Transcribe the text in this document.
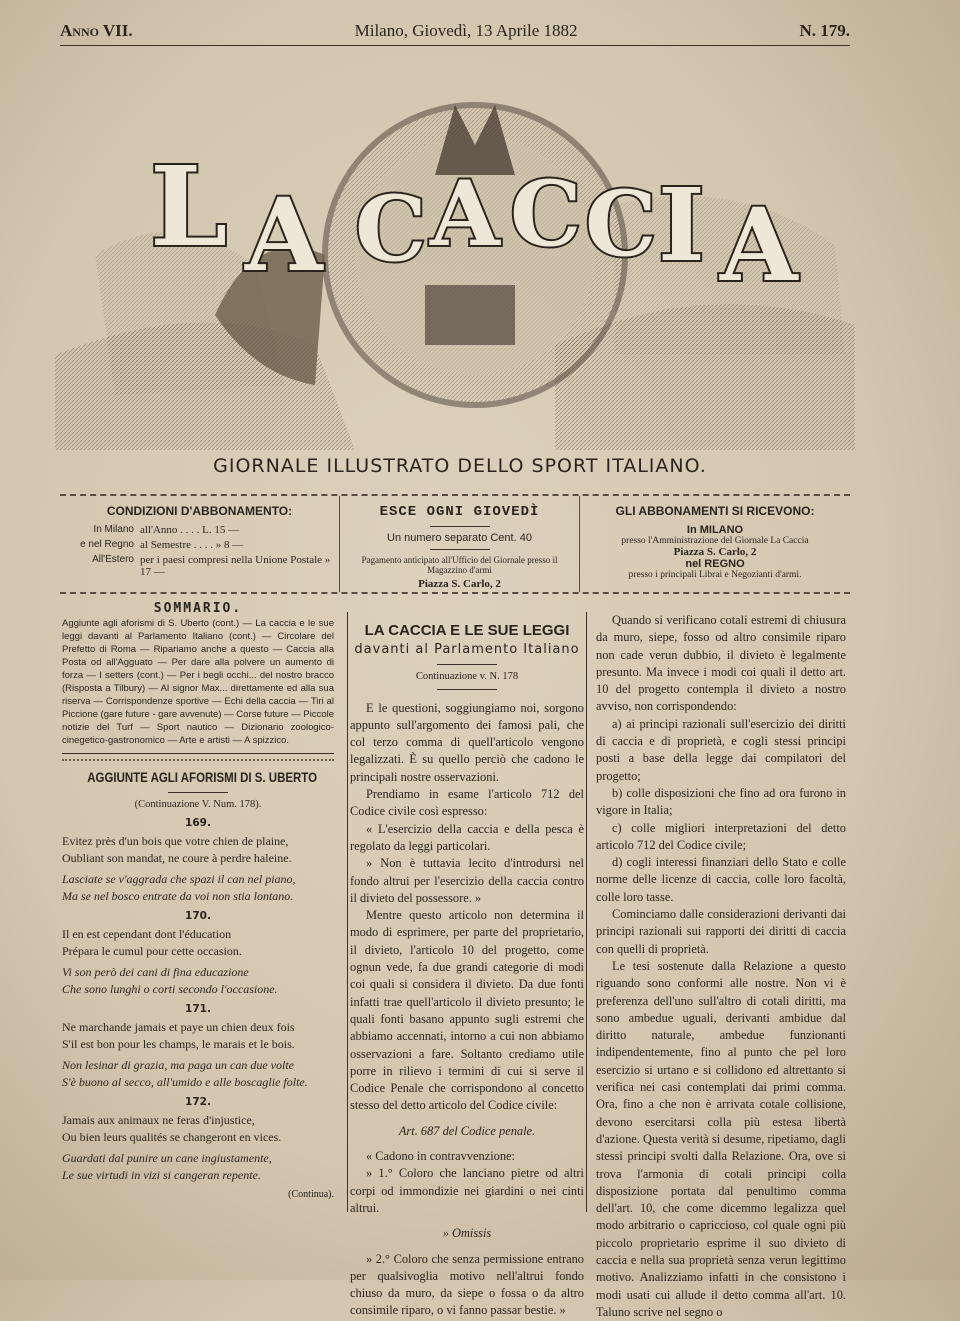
Anno VII.	Milano, Giovedì, 13 Aprile 1882	N. 179.
L A C A C C I A
GIORNALE ILLUSTRATO DELLO SPORT ITALIANO.
CONDIZIONI D'ABBONAMENTO:
In Milano all'Anno . . . . L. 15 —
e nel Regno al Semestre . . . . » 8 —
All'Estero per i paesi compresi nella Unione Postale » 17 —
ESCE OGNI GIOVEDÌ
Un numero separato Cent. 40
Pagamento anticipato all'Ufficio del Giornale presso il Magazzino d'armi
Piazza S. Carlo, 2
GLI ABBONAMENTI SI RICEVONO:
In MILANO
presso l'Amministrazione del Giornale La Caccia
Piazza S. Carlo, 2
nel REGNO
presso i principali Librai e Negozianti d'armi.
SOMMARIO.
Aggiunte agli aforismi di S. Uberto (cont.) — La caccia e le sue leggi davanti al Parlamento Italiano (cont.) — Circolare del Prefetto di Roma — Ripariamo anche a questo — Caccia alla Posta od all'Agguato — Per dare alla polvere un aumento di forza — I setters (cont.) — Per i begli occhi... del nostro bracco (Risposta a Tilbury) — Al signor Max... direttamente ed alla sua riserva — Corrispondenze sportive — Echi della caccia — Tiri al Piccione (gare future - gare avvenute) — Corse future — Piccole notizie del Turf — Sport nautico — Dizionario zoologico-cinegetico-gastronomico — Arte e artisti — A spizzico.
AGGIUNTE AGLI AFORISMI DI S. UBERTO
(Continuazione V. Num. 178).
169.
Evitez près d'un bois que votre chien de plaine,
Oubliant son mandat, ne coure à perdre haleine.
Lasciate se v'aggrada che spazi il can nel piano,
Ma se nel bosco entrate da voi non stia lontano.
170.
Il en est cependant dont l'éducation
Prépara le cumul pour cette occasion.
Vi son però dei cani di fina educazione
Che sono lunghi o corti secondo l'occasione.
171.
Ne marchande jamais et paye un chien deux fois
S'il est bon pour les champs, le marais et le bois.
Non lesinar di grazia, ma paga un can due volte
S'è buono al secco, all'umido e alle boscaglie folte.
172.
Jamais aux animaux ne feras d'injustice,
Ou bien leurs qualités se changeront en vices.
Guardati dal punire un cane ingiustamente,
Le sue virtudi in vizi si cangeran repente.
(Continua).
LA CACCIA E LE SUE LEGGI
davanti al Parlamento Italiano
Continuazione v. N. 178

E le questioni, soggiungiamo noi, sorgono appunto sull'argomento dei famosi pali, che col terzo comma di quell'articolo vengono legalizzati. È su quello perciò che cadono le principali nostre osservazioni.

Prendiamo in esame l'articolo 712 del Codice civile così espresso:

« L'esercizio della caccia e della pesca è regolato da leggi particolari.

» Non è tuttavia lecito d'introdursi nel fondo altrui per l'esercizio della caccia contro il divieto del possessore. »

Mentre questo articolo non determina il modo di esprimere, per parte del proprietario, il divieto, l'articolo 10 del progetto, come ognun vede, fa due grandi categorie di modi coi quali si considera il divieto. Da due fonti infatti trae quell'articolo il divieto presunto; le quali fonti basano appunto sugli estremi che abbiamo accennati, intorno a cui non abbiamo osservazioni a fare. Soltanto crediamo utile porre in rilievo i termini di cui si serve il Codice Penale che corrispondono al concetto stesso del detto articolo del Codice civile:

Art. 687 del Codice penale.

« Cadono in contravvenzione:

» 1.° Coloro che lanciano pietre od altri corpi od immondizie nei giardini o nei cinti altrui.

» Omissis

» 2.° Coloro che senza permissione entrano per qualsivoglia motivo nell'altrui fondo chiuso da muro, da siepe o fossa o da altro consimile riparo, o vi fanno passar bestie. »

Quando si verificano cotali estremi di chiusura da muro, siepe, fosso od altro consimile riparo non cade verun dubbio, il divieto è legalmente presunto. Ma invece i modi coi quali il detto art. 10 del progetto contempla il divieto a nostro avviso, non corrispondendo:

a) ai principi razionali sull'esercizio dei diritti di caccia e di proprietà, e cogli stessi principi posti a base della legge dai compilatori del progetto;

b) colle disposizioni che fino ad ora furono in vigore in Italia;

c) colle migliori interpretazioni del detto articolo 712 del Codice civile;

d) cogli interessi finanziari dello Stato e colle norme delle licenze di caccia, colle loro facoltà, colle loro tasse.

Cominciamo dalle considerazioni derivanti dai principi razionali sui rapporti dei diritti di caccia con quelli di proprietà.

Le tesi sostenute dalla Relazione a questo riguando sono conformi alle nostre. Non vi è preferenza dell'uno sull'altro di cotali diritti, ma sono ambedue uguali, derivanti ambidue dal diritto naturale, ambedue funzionanti indipendentemente, fino al punto che pel loro esercizio si urtano e si collidono ed altrettanto si verifica nei casi contemplati dai primi comma. Ora, fino a che non è arrivata cotale collisione, devono esercitarsi colla più estesa libertà d'azione. Questa verità si desume, ripetiamo, dagli stessi principi svolti dalla Relazione. Ora, ove si trova l'armonia di cotali principi colla disposizione portata dal penultimo comma dell'art. 10, che come dicemmo legalizza quel modo arbitrario o capriccioso, col quale ogni più piccolo proprietario esprime il suo divieto di caccia e nella sua proprietà senza verun legittimo motivo. Analizziamo infatti in che consistono i modi usati cui allude il detto comma all'art. 10. Taluno scrive nel segno o
